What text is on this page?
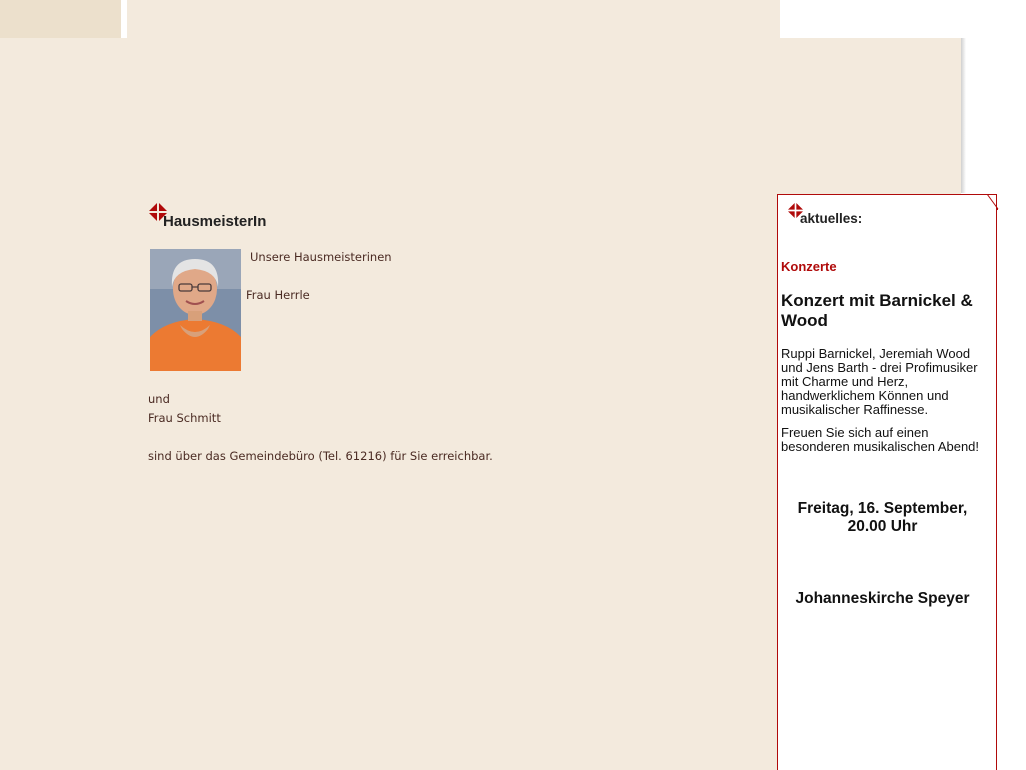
HausmeisterIn
Unsere Hausmeisterinen
Frau Herrle
und
Frau Schmitt
sind über das Gemeindebüro (Tel. 61216) für Sie erreichbar.
aktuelles:
Konzerte
Konzert mit Barnickel & Wood
Ruppi Barnickel, Jeremiah Wood und Jens Barth - drei Profimusiker mit Charme und Herz, handwerklichem Können und musikalischer Raffinesse.
Freuen Sie sich auf einen besonderen musikalischen Abend!
Freitag, 16. September, 20.00 Uhr
Johanneskirche Speyer
